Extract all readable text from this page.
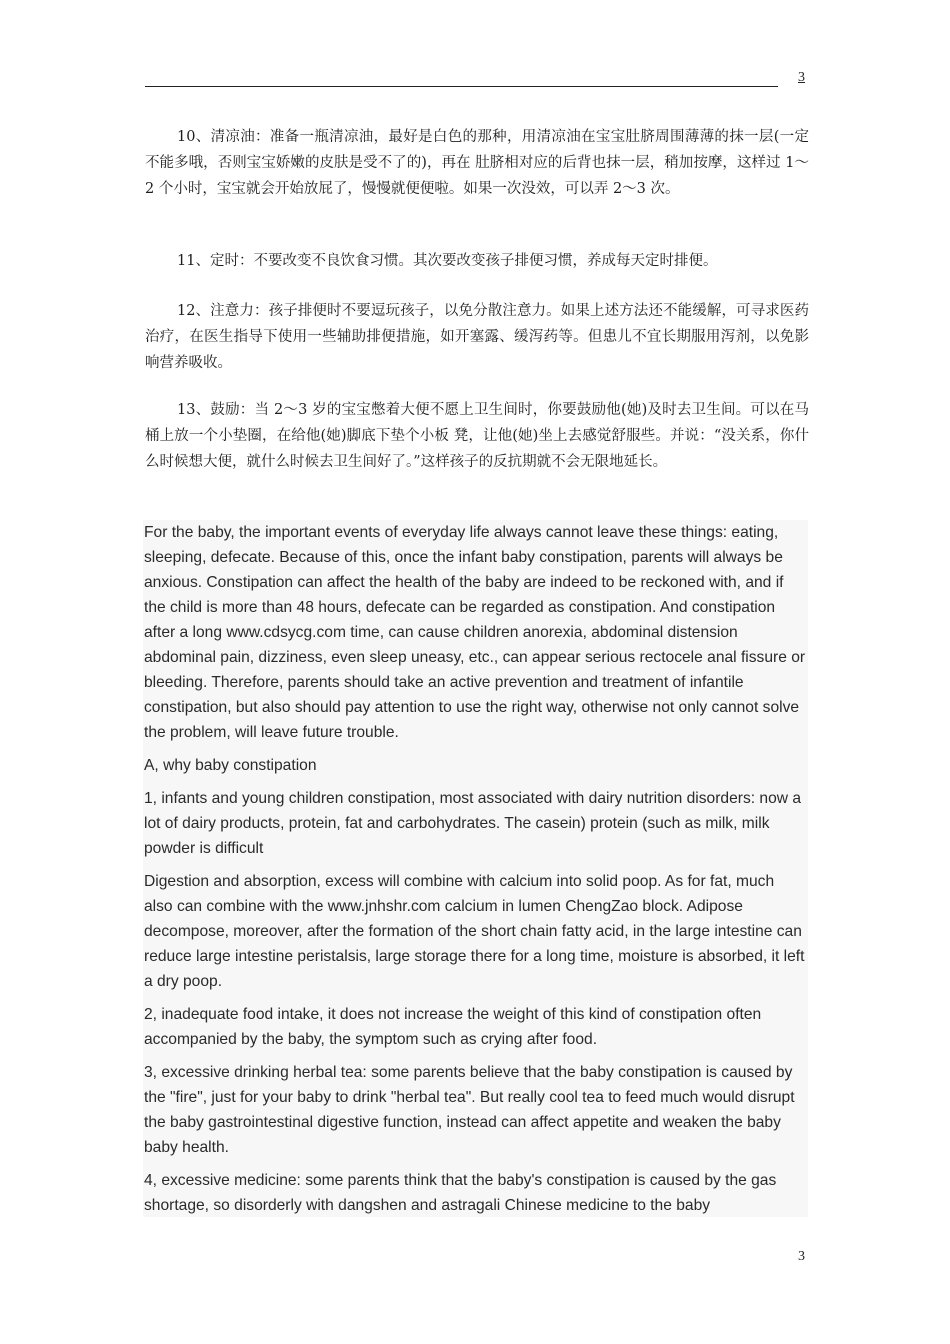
3

10、清凉油：准备一瓶清凉油，最好是白色的那种，用清凉油在宝宝肚脐周围薄薄的抹一层(一定不能多哦，否则宝宝娇嫩的皮肤是受不了的)，再在 肚脐相对应的后背也抹一层，稍加按摩，这样过 1～2 个小时，宝宝就会开始放屁了，慢慢就便便啦。如果一次没效，可以弄 2～3 次。

11、定时：不要改变不良饮食习惯。其次要改变孩子排便习惯，养成每天定时排便。

12、注意力：孩子排便时不要逗玩孩子，以免分散注意力。如果上述方法还不能缓解，可寻求医药治疗，在医生指导下使用一些辅助排便措施，如开塞露、缓泻药等。但患儿不宜长期服用泻剂，以免影响营养吸收。

13、鼓励：当 2～3 岁的宝宝憋着大便不愿上卫生间时，你要鼓励他(她)及时去卫生间。可以在马桶上放一个小垫圈，在给他(她)脚底下垫个小板 凳，让他(她)坐上去感觉舒服些。并说：“没关系，你什么时候想大便，就什么时候去卫生间好了。”这样孩子的反抗期就不会无限地延长。

For the baby, the important events of everyday life always cannot leave these things: eating, sleeping, defecate. Because of this, once the infant baby constipation, parents will always be anxious. Constipation can affect the health of the baby are indeed to be reckoned with, and if the child is more than 48 hours, defecate can be regarded as constipation. And constipation after a long www.cdsycg.com time, can cause children anorexia, abdominal distension abdominal pain, dizziness, even sleep uneasy, etc., can appear serious rectocele anal fissure or bleeding. Therefore, parents should take an active prevention and treatment of infantile constipation, but also should pay attention to use the right way, otherwise not only cannot solve the problem, will leave future trouble.

A, why baby constipation

1, infants and young children constipation, most associated with dairy nutrition disorders: now a lot of dairy products, protein, fat and carbohydrates. The casein) protein (such as milk, milk powder is difficult

Digestion and absorption, excess will combine with calcium into solid poop. As for fat, much also can combine with the www.jnhshr.com calcium in lumen ChengZao block. Adipose decompose, moreover, after the formation of the short chain fatty acid, in the large intestine can reduce large intestine peristalsis, large storage there for a long time, moisture is absorbed, it left a dry poop.

2, inadequate food intake, it does not increase the weight of this kind of constipation often accompanied by the baby, the symptom such as crying after food.

3, excessive drinking herbal tea: some parents believe that the baby constipation is caused by the "fire", just for your baby to drink "herbal tea". But really cool tea to feed much would disrupt the baby gastrointestinal digestive function, instead can affect appetite and weaken the baby baby health.

4, excessive medicine: some parents think that the baby's constipation is caused by the gas shortage, so disorderly with dangshen and astragali Chinese medicine to the baby

3
